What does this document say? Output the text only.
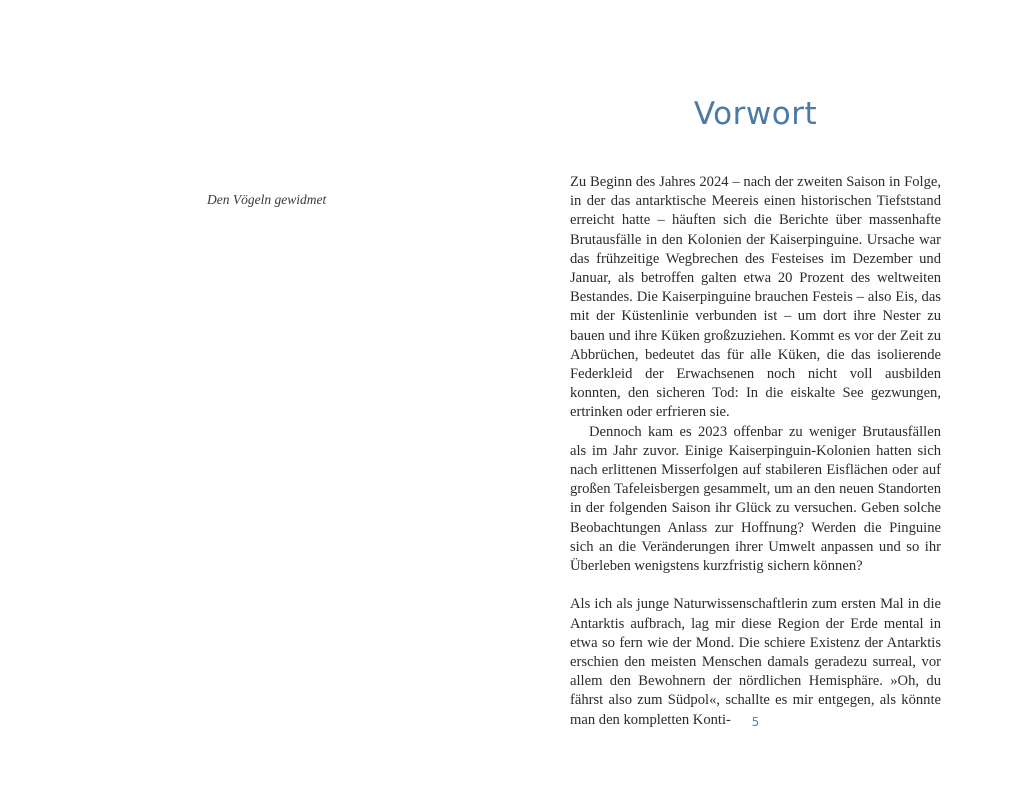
Den Vögeln gewidmet
Vorwort

Zu Beginn des Jahres 2024 – nach der zweiten Saison in Folge, in der das antarktische Meereis einen historischen Tiefststand erreicht hatte – häuften sich die Berichte über massenhafte Brutausfälle in den Kolonien der Kaiserpinguine. Ursache war das frühzeitige Wegbrechen des Festeises im Dezember und Januar, als betroffen galten etwa 20 Prozent des weltweiten Bestandes. Die Kaiserpinguine brauchen Festeis – also Eis, das mit der Küstenlinie verbunden ist – um dort ihre Nester zu bauen und ihre Küken großzuziehen. Kommt es vor der Zeit zu Abbrüchen, bedeutet das für alle Küken, die das isolierende Federkleid der Erwachsenen noch nicht voll ausbilden konnten, den sicheren Tod: In die eiskalte See gezwungen, ertrinken oder erfrieren sie.

Dennoch kam es 2023 offenbar zu weniger Brutausfällen als im Jahr zuvor. Einige Kaiserpinguin-Kolonien hatten sich nach erlittenen Misserfolgen auf stabileren Eisflächen oder auf großen Tafeleisbergen gesammelt, um an den neuen Standorten in der folgenden Saison ihr Glück zu versuchen. Geben solche Beobachtungen Anlass zur Hoffnung? Werden die Pinguine sich an die Veränderungen ihrer Umwelt anpassen und so ihr Überleben wenigstens kurzfristig sichern können?

Als ich als junge Naturwissenschaftlerin zum ersten Mal in die Antarktis aufbrach, lag mir diese Region der Erde mental in etwa so fern wie der Mond. Die schiere Existenz der Antarktis erschien den meisten Menschen damals geradezu surreal, vor allem den Bewohnern der nördlichen Hemisphäre. »Oh, du fährst also zum Südpol«, schallte es mir entgegen, als könnte man den kompletten Konti-	5
